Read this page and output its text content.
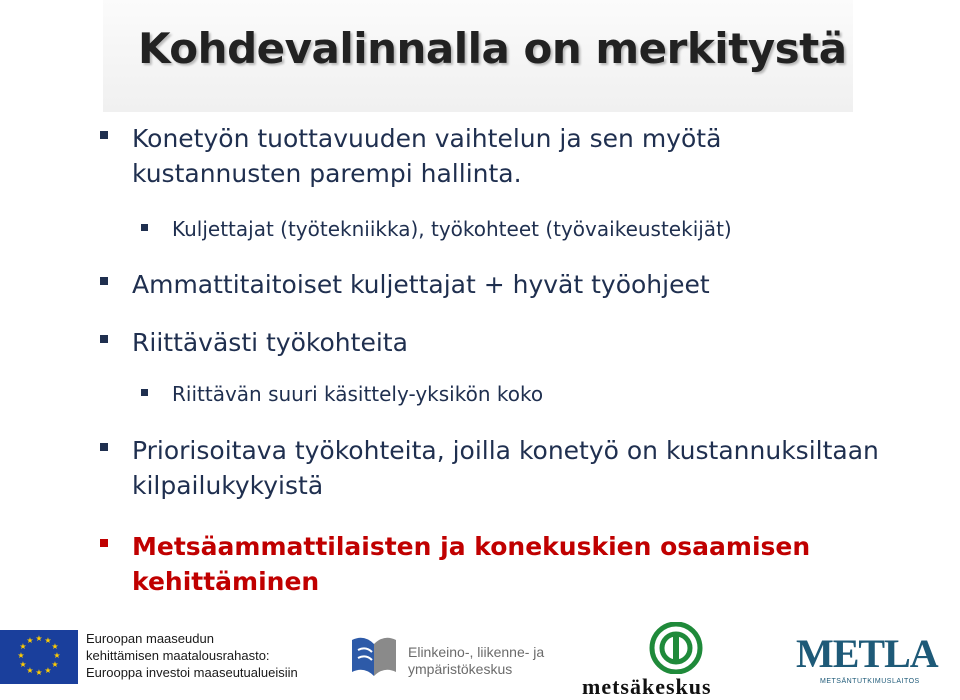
Kohdevalinnalla on merkitystä
Konetyön tuottavuuden vaihtelun ja sen myötä
kustannusten parempi hallinta.
Kuljettajat (työtekniikka), työkohteet (työvaikeustekijät)
Ammattitaitoiset kuljettajat + hyvät työohjeet
Riittävästi työkohteita
Riittävän suuri käsittely-yksikön koko
Priorisoitava työkohteita, joilla konetyö on kustannuksiltaan
kilpailukykyistä
Metsäammattilaisten ja konekuskien osaamisen
kehittäminen
★ ★
★
★
★
★
★
★
★
★
★
★	Euroopan maaseudun
kehittämisen maatalousrahasto:
Eurooppa investoi maaseutualueisiin
Elinkeino-, liikenne- ja
ympäristökeskus
metsäkeskus
METLA
METSÄNTUTKIMUSLAITOS
